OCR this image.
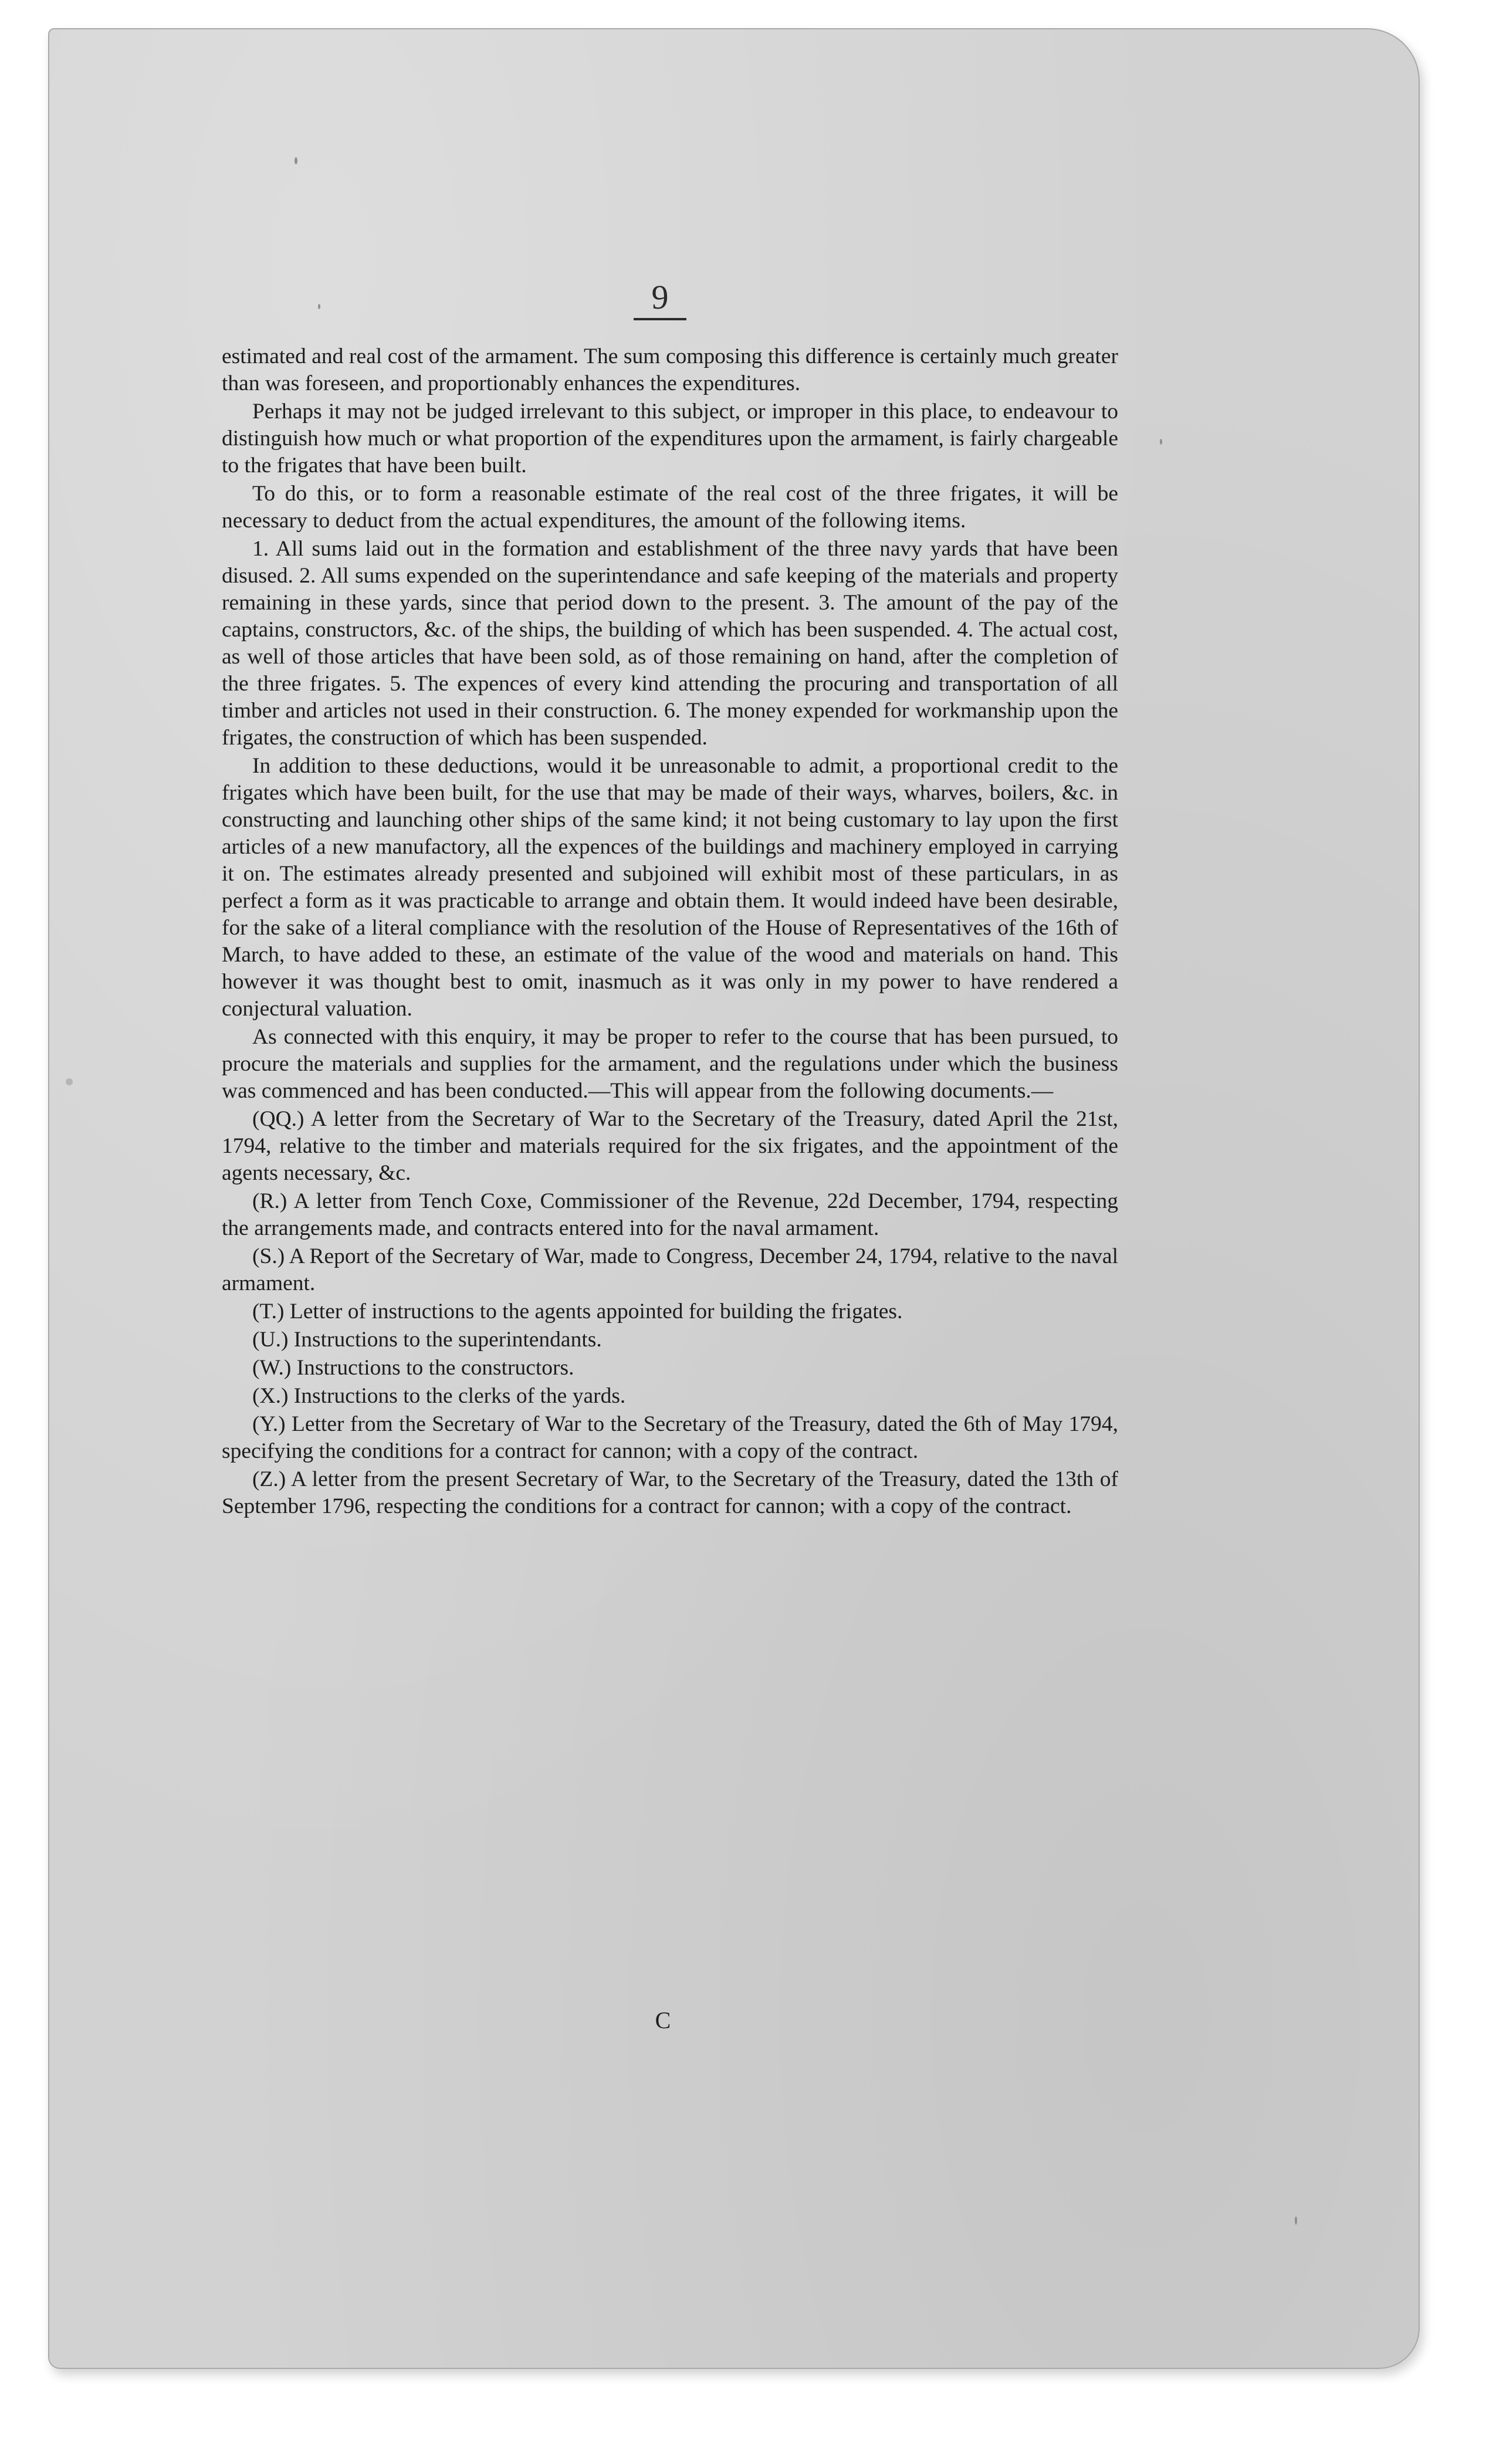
9

estimated and real cost of the armament. The sum composing this difference is certainly much greater than was foreseen, and proportionably enhances the expenditures.

Perhaps it may not be judged irrelevant to this subject, or improper in this place, to endeavour to distinguish how much or what proportion of the expenditures upon the armament, is fairly chargeable to the frigates that have been built.

To do this, or to form a reasonable estimate of the real cost of the three frigates, it will be necessary to deduct from the actual expenditures, the amount of the following items.

1. All sums laid out in the formation and establishment of the three navy yards that have been disused. 2. All sums expended on the superintendance and safe keeping of the materials and property remaining in these yards, since that period down to the present. 3. The amount of the pay of the captains, constructors, &c. of the ships, the building of which has been suspended. 4. The actual cost, as well of those articles that have been sold, as of those remaining on hand, after the completion of the three frigates. 5. The expences of every kind attending the procuring and transportation of all timber and articles not used in their construction. 6. The money expended for workmanship upon the frigates, the construction of which has been suspended.

In addition to these deductions, would it be unreasonable to admit, a proportional credit to the frigates which have been built, for the use that may be made of their ways, wharves, boilers, &c. in constructing and launching other ships of the same kind; it not being customary to lay upon the first articles of a new manufactory, all the expences of the buildings and machinery employed in carrying it on. The estimates already presented and subjoined will exhibit most of these particulars, in as perfect a form as it was practicable to arrange and obtain them. It would indeed have been desirable, for the sake of a literal compliance with the resolution of the House of Representatives of the 16th of March, to have added to these, an estimate of the value of the wood and materials on hand. This however it was thought best to omit, inasmuch as it was only in my power to have rendered a conjectural valuation.

As connected with this enquiry, it may be proper to refer to the course that has been pursued, to procure the materials and supplies for the armament, and the regulations under which the business was commenced and has been conducted.—This will appear from the following documents.—

(QQ.) A letter from the Secretary of War to the Secretary of the Treasury, dated April the 21st, 1794, relative to the timber and materials required for the six frigates, and the appointment of the agents necessary, &c.

(R.) A letter from Tench Coxe, Commissioner of the Revenue, 22d December, 1794, respecting the arrangements made, and contracts entered into for the naval armament.

(S.) A Report of the Secretary of War, made to Congress, December 24, 1794, relative to the naval armament.

(T.) Letter of instructions to the agents appointed for building the frigates.

(U.) Instructions to the superintendants.

(W.) Instructions to the constructors.

(X.) Instructions to the clerks of the yards.

(Y.) Letter from the Secretary of War to the Secretary of the Treasury, dated the 6th of May 1794, specifying the conditions for a contract for cannon; with a copy of the contract.

(Z.) A letter from the present Secretary of War, to the Secretary of the Treasury, dated the 13th of September 1796, respecting the conditions for a contract for cannon; with a copy of the contract.

C
